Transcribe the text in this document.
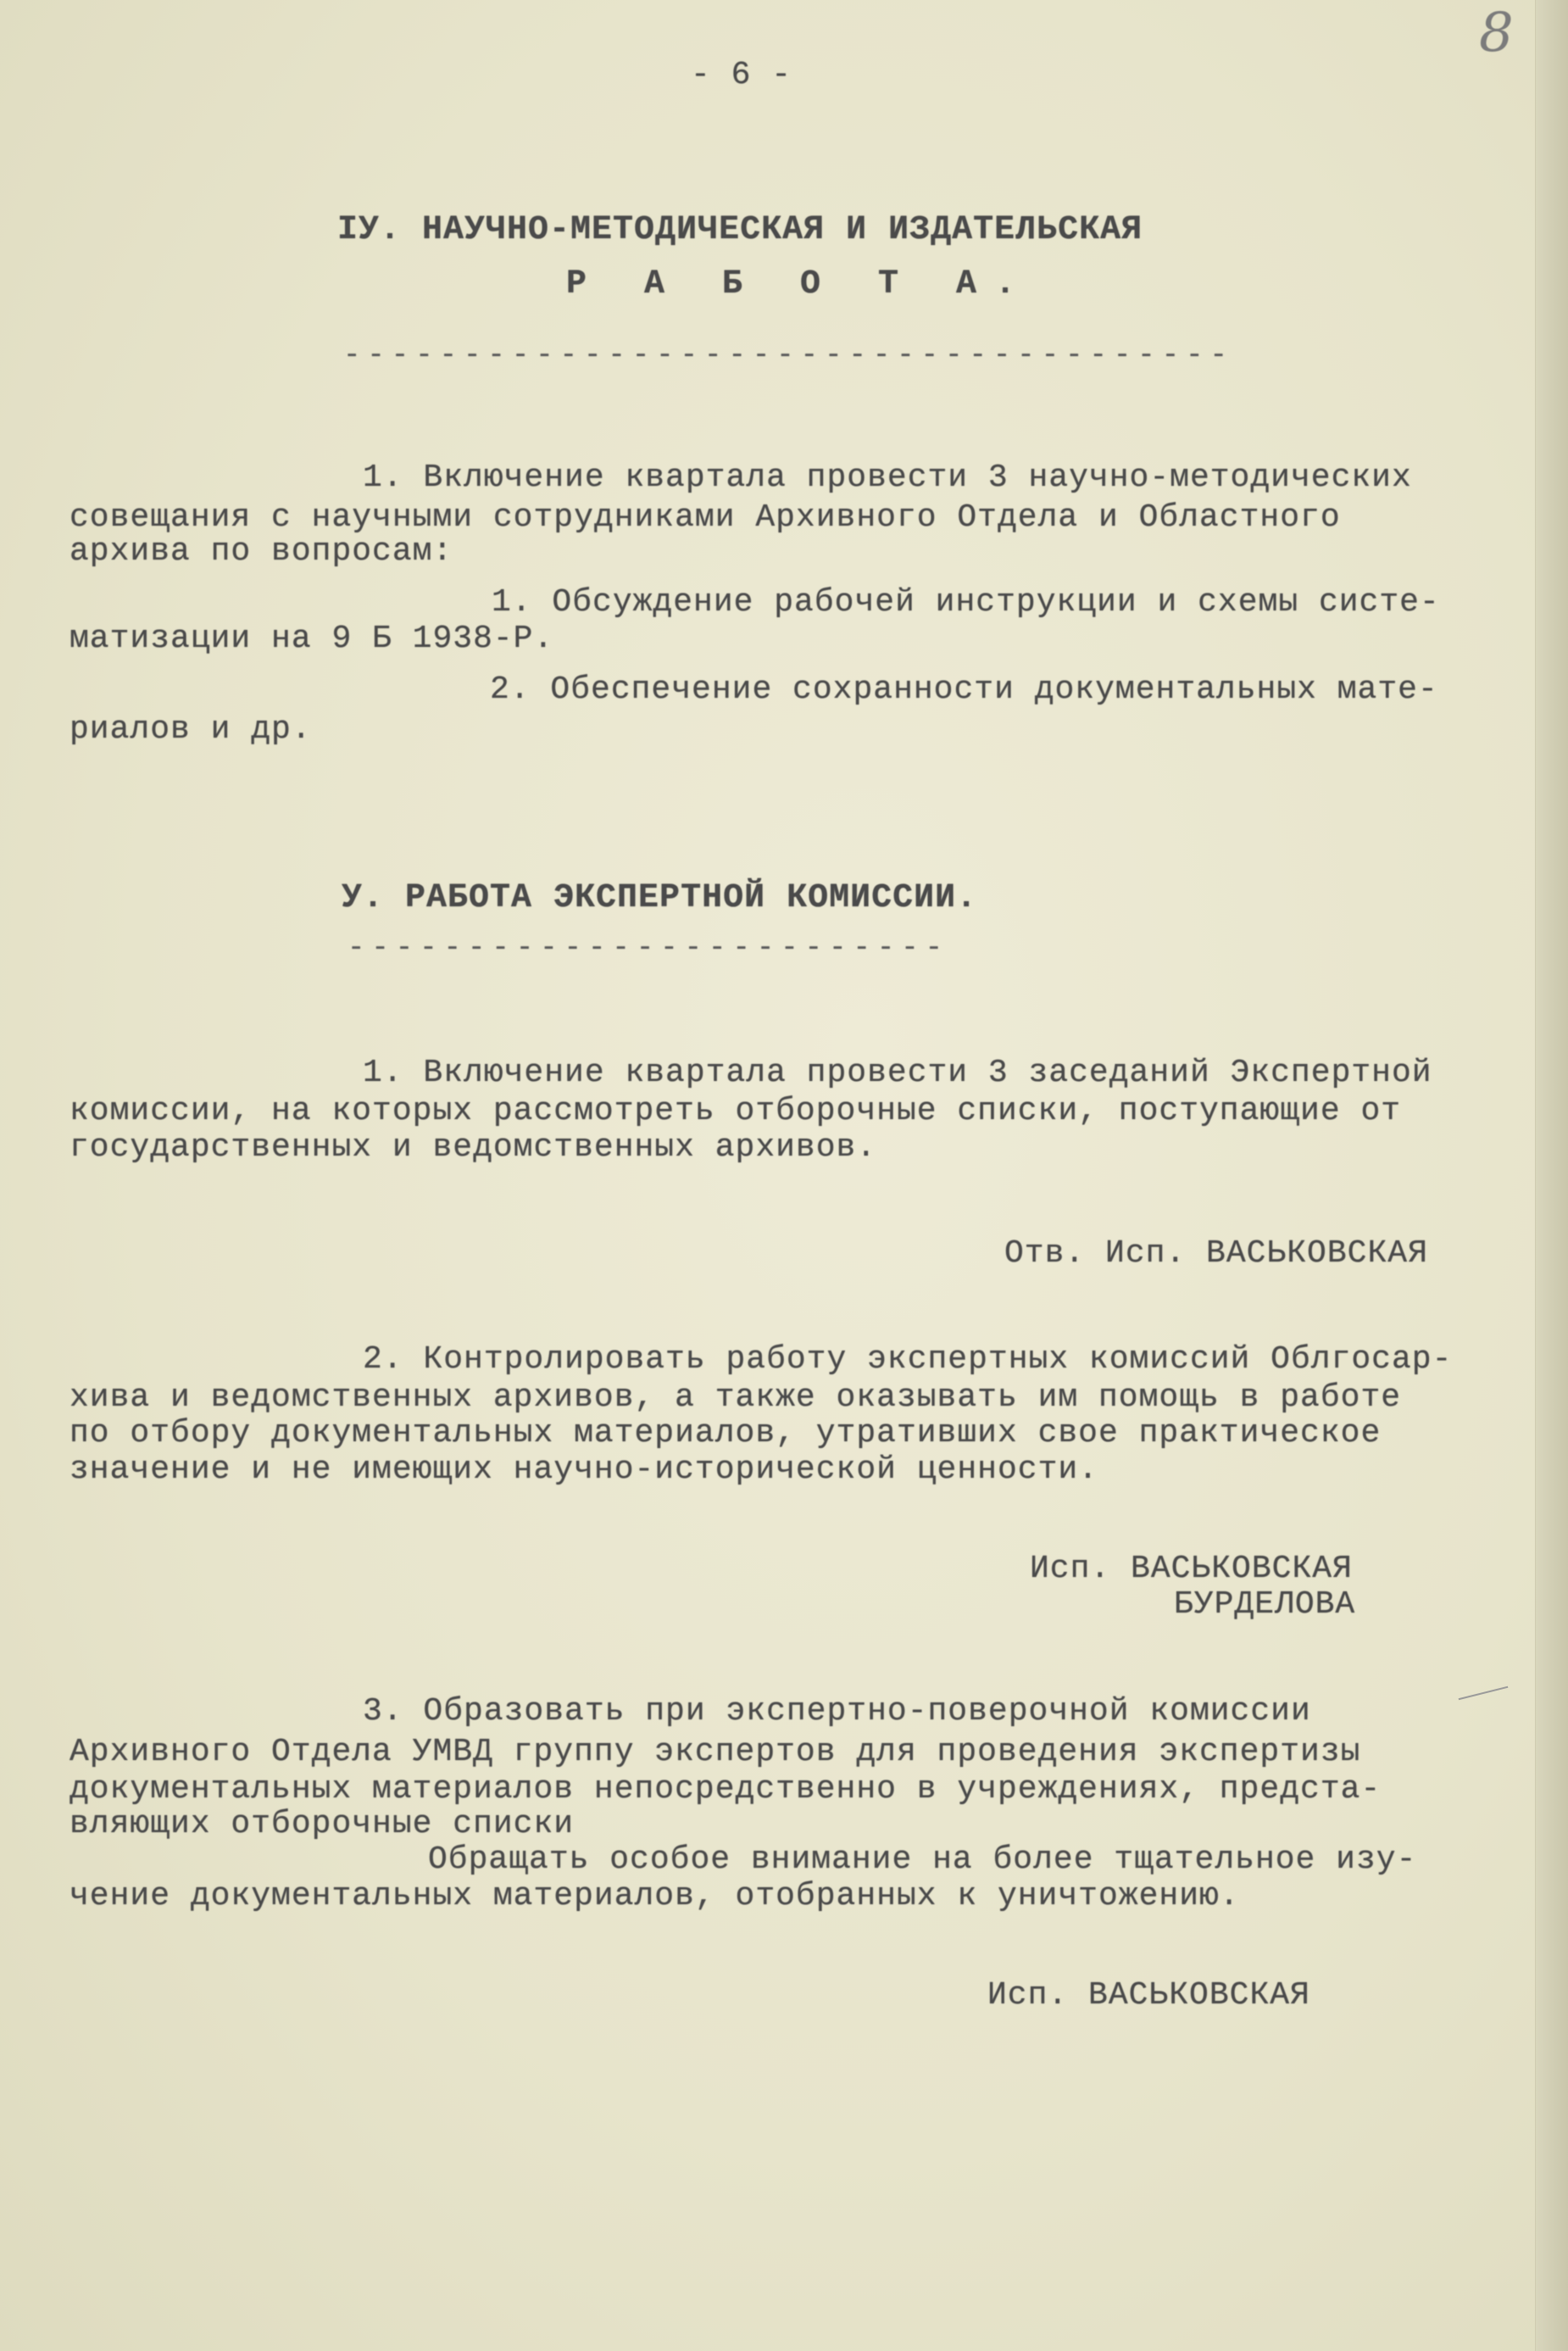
8
- 6 -
IУ. НАУЧНО-МЕТОДИЧЕСКАЯ И ИЗДАТЕЛЬСКАЯ
Р А Б О Т А.
-------------------------------------
1. Включение квартала провести 3 научно-методических
совещания с научными сотрудниками Архивного Отдела и Областного
архива по вопросам:
1. Обсуждение рабочей инструкции и схемы систе-
матизации на 9 Б 1938-Р.
2. Обеспечение сохранности документальных мате-
риалов и др.
У. РАБОТА ЭКСПЕРТНОЙ КОМИССИИ.
-------------------------
1. Включение квартала провести 3 заседаний Экспертной
комиссии, на которых рассмотреть отборочные списки, поступающие от
государственных и ведомственных архивов.
Отв. Исп. ВАСЬКОВСКАЯ
2. Контролировать работу экспертных комиссий Облгосар-
хива и ведомственных архивов, а также оказывать им помощь в работе
по отбору документальных материалов, утративших свое практическое
значение и не имеющих научно-исторической ценности.
Исп. ВАСЬКОВСКАЯ
БУРДЕЛОВА
3. Образовать при экспертно-поверочной комиссии
Архивного Отдела УМВД группу экспертов для проведения экспертизы
документальных материалов непосредственно в учреждениях, предста-
вляющих отборочные списки
Обращать особое внимание на более тщательное изу-
чение документальных материалов, отобранных к уничтожению.
Исп. ВАСЬКОВСКАЯ
